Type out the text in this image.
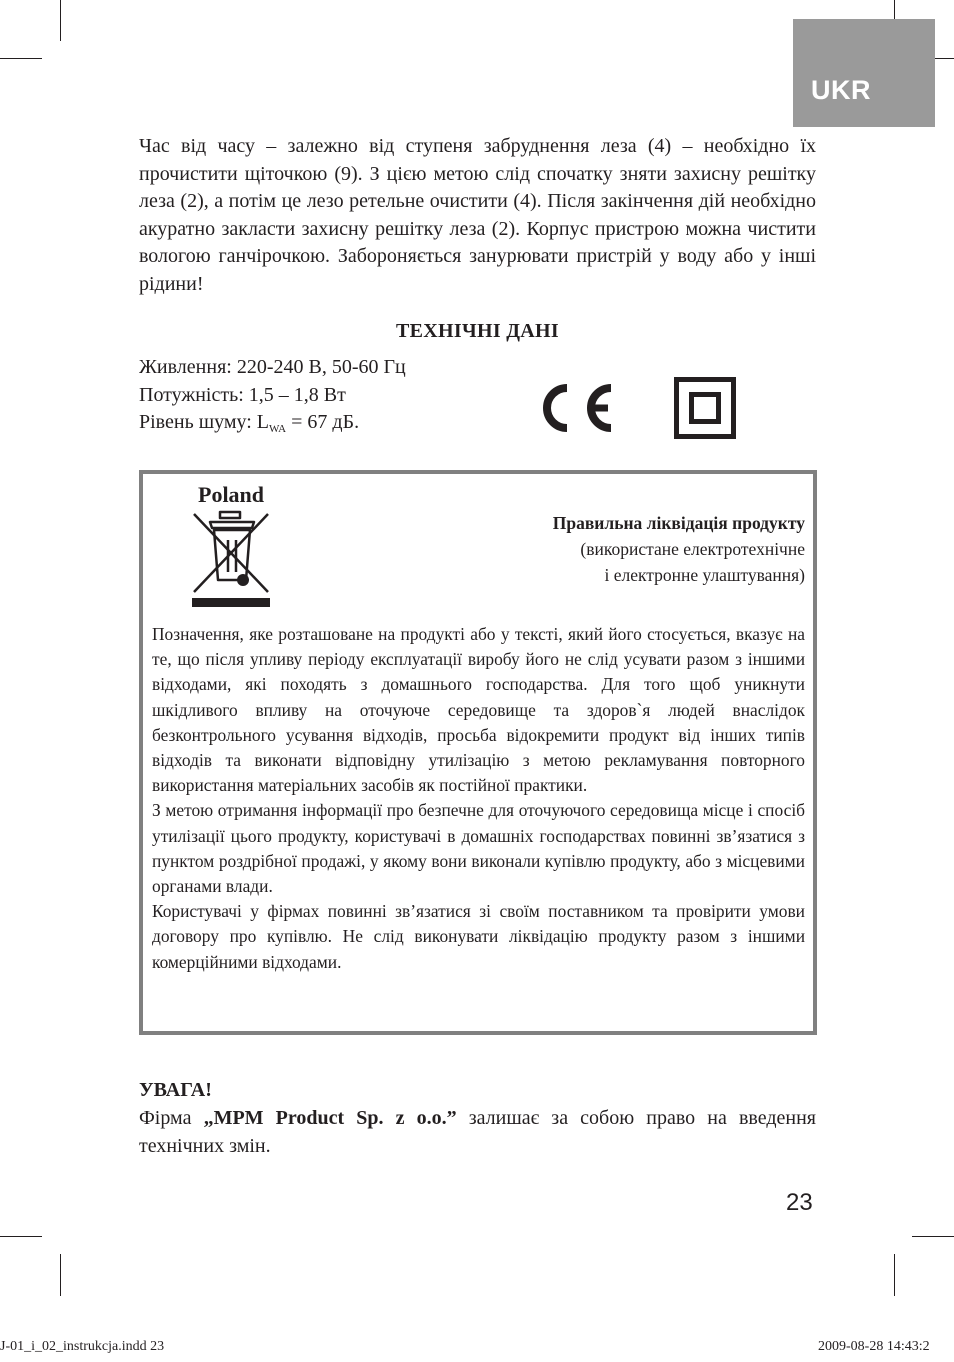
UKR

Час від часу – залежно від ступеня забруднення леза (4) – необхідно їх прочистити щіточкою (9). З цією метою слід спочатку зняти захисну решітку леза (2), а потім це лезо ретельне очистити (4). Після закінчення дій необхідно акуратно закласти захисну решітку леза (2). Корпус пристрою можна чистити вологою ганчірочкою. Забороняється занурювати пристрій у воду або у інші рідини!

ТЕХНІЧНІ ДАНІ

Живлення: 220-240 В, 50-60 Гц
Потужність: 1,5 – 1,8 Вт
Рівень шуму: $L_{WA} = 67$ дБ.

Poland

Правильна ліквідація продукту
(використане електротехнічне
і електронне улаштування)

Позначення, яке розташоване на продукті або у тексті, який його стосується, вказує на те, що після упливу періоду експлуатації виробу його не слід усувати разом з іншими відходами, які походять з домашнього господарства. Для того щоб уникнути шкідливого впливу на оточуюче середовище та здоров`я людей внаслідок безконтрольного усування відходів, просьба відокремити продукт від інших типів відходів та виконати відповідну утилізацію з метою рекламування повторного використання матеріальних засобів як постійної практики.

З метою отримання інформації про безпечне для оточуючого середовища місце і спосіб утилізації цього продукту, користувачі в домашніх господарствах повинні зв’язатися з пунктом роздрібної продажі, у якому вони виконали купівлю продукту, або з місцевими органами влади.

Користувачі у фірмах повинні зв’язатися зі своїм поставником та провірити умови договору про купівлю. Не слід виконувати ліквідацію продукту разом з іншими комерційними відходами.

УВАГА!

Фірма „MPM Product Sp. z o.o.” залишає за собою право на введення технічних змін.

23
J-01_i_02_instrukcja.indd 23	2009-08-28 14:43:2
